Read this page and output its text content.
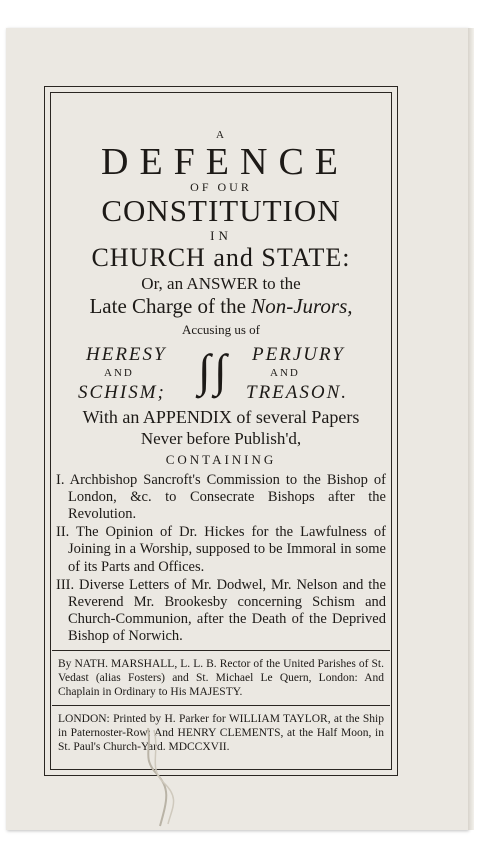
A
DEFENCE
OF OUR
CONSTITUTION
IN
CHURCH and STATE:
Or, an ANSWER to the
Late Charge of the Non-Jurors,
Accusing us of
HERESY
AND
SCHISM; ∫ ∫ PERJURY
AND
TREASON.
With an APPENDIX of several Papers
Never before Publish'd,
CONTAINING

I. Archbishop Sancroft's Commission to the Bishop of London, &c. to Consecrate Bishops after the Revolution.

II. The Opinion of Dr. Hickes for the Lawfulness of Joining in a Worship, supposed to be Immoral in some of its Parts and Offices.

III. Diverse Letters of Mr. Dodwel, Mr. Nelson and the Reverend Mr. Brookesby concerning Schism and Church-Communion, after the Death of the Deprived Bishop of Norwich.

By NATH. MARSHALL, L. L. B. Rector of the United Parishes of St. Vedast (alias Fosters) and St. Michael Le Quern, London: And Chaplain in Ordinary to His MAJESTY.

LONDON: Printed by H. Parker for WILLIAM TAYLOR, at the Ship in Paternoster-Row: And HENRY CLEMENTS, at the Half Moon, in St. Paul's Church-Yard. MDCCXVII.
